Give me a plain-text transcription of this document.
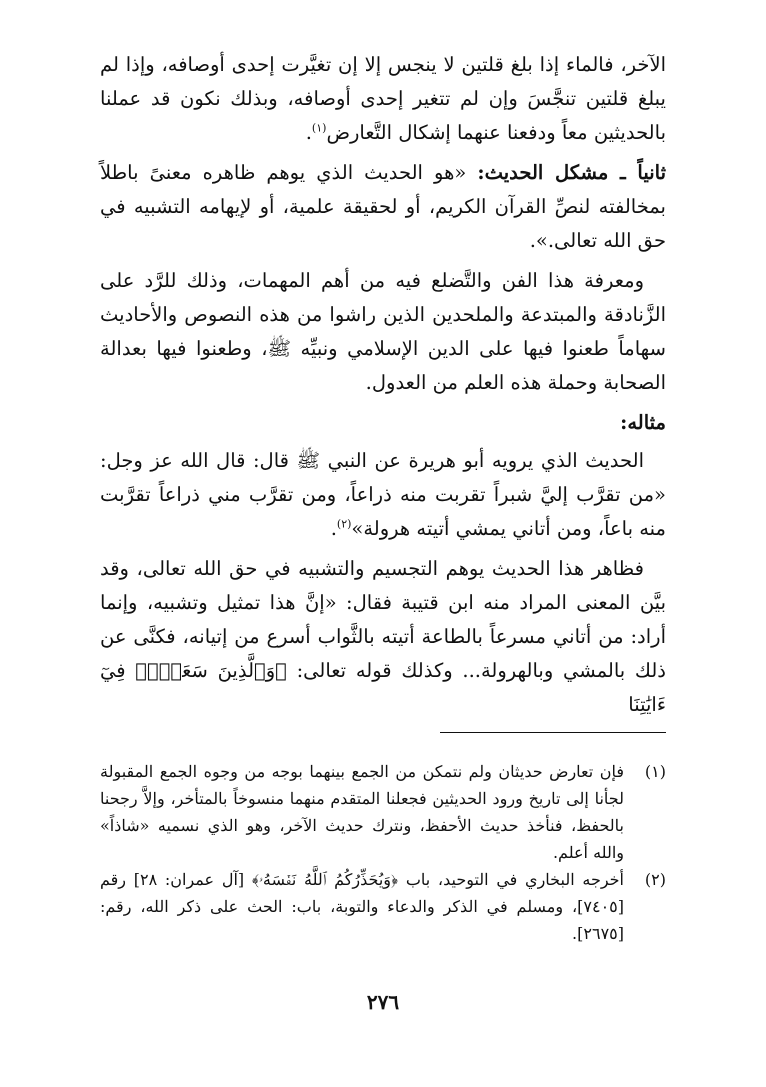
الآخر، فالماء إذا بلغ قلتين لا ينجس إلا إن تغيَّرت إحدى أوصافه، وإذا لم يبلغ قلتين تنجَّسَ وإن لم تتغير إحدى أوصافه، وبذلك نكون قد عملنا بالحديثين معاً ودفعنا عنهما إشكال التَّعارض$^{(١)}$.

ثانياً ـ مشكل الحديث: «هو الحديث الذي يوهم ظاهره معنىً باطلاً بمخالفته لنصِّ القرآن الكريم، أو لحقيقة علمية، أو لإيهامه التشبيه في حق الله تعالى.».

ومعرفة هذا الفن والتَّضلع فيه من أهم المهمات، وذلك للرَّد على الزَّنادقة والمبتدعة والملحدين الذين راشوا من هذه النصوص والأحاديث سهاماً طعنوا فيها على الدين الإسلامي ونبيِّه ﷺ، وطعنوا فيها بعدالة الصحابة وحملة هذه العلم من العدول.

مثاله:

الحديث الذي يرويه أبو هريرة عن النبي ﷺ قال: قال الله عز وجل: «من تقرَّب إليَّ شبراً تقربت منه ذراعاً، ومن تقرَّب مني ذراعاً تقرَّبت منه باعاً، ومن أتاني يمشي أتيته هرولة»$^{(٢)}$.

فظاهر هذا الحديث يوهم التجسيم والتشبيه في حق الله تعالى، وقد بيَّن المعنى المراد منه ابن قتيبة فقال: «إنَّ هذا تمثيل وتشبيه، وإنما أراد: من أتاني مسرعاً بالطاعة أتيته بالثَّواب أسرع من إتيانه، فكنَّى عن ذلك بالمشي وبالهرولة... وكذلك قوله تعالى: ﴿وَٱلَّذِينَ سَعَوۡا۟ فِيٓ ءَايَٰتِنَا

(١)
فإن تعارض حديثان ولم نتمكن من الجمع بينهما بوجه من وجوه الجمع المقبولة لجأنا إلى تاريخ ورود الحديثين فجعلنا المتقدم منهما منسوخاً بالمتأخر، وإلاَّ رجحنا بالحفظ، فنأخذ حديث الأحفظ، ونترك حديث الآخر، وهو الذي نسميه «شاذاً» والله أعلم.
(٢)
أخرجه البخاري في التوحيد، باب ﴿وَيُحَذِّرُكُمُ ٱللَّهُ نَفۡسَهُۥ﴾ [آل عمران: ٢٨] رقم [٧٤٠٥]، ومسلم في الذكر والدعاء والتوبة، باب: الحث على ذكر الله، رقم: [٢٦٧٥].
٢٧٦
